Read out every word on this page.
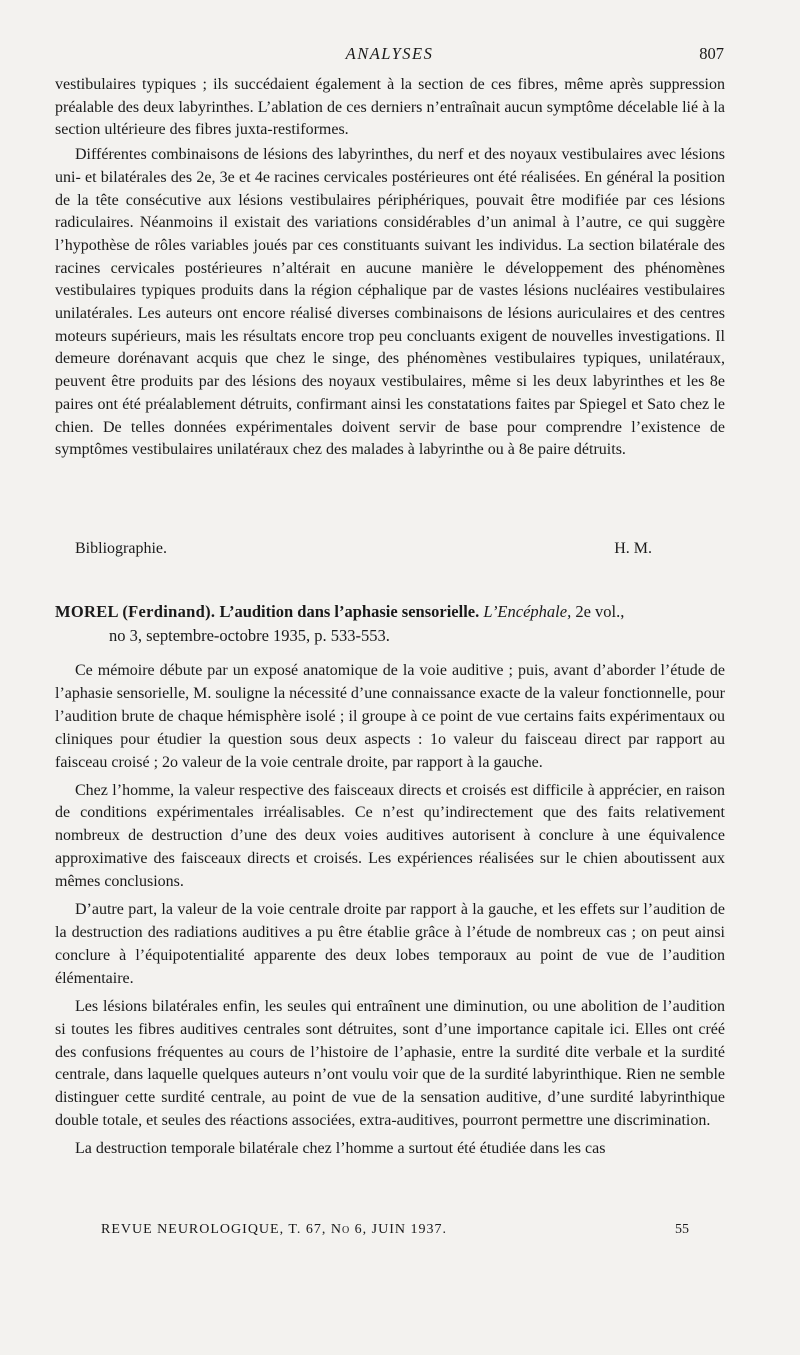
ANALYSES	807

vestibulaires typiques ; ils succédaient également à la section de ces fibres, même après suppression préalable des deux labyrinthes. L’ablation de ces derniers n’entraînait aucun symptôme décelable lié à la section ultérieure des fibres juxta-restiformes.

Différentes combinaisons de lésions des labyrinthes, du nerf et des noyaux vestibulaires avec lésions uni- et bilatérales des 2e, 3e et 4e racines cervicales postérieures ont été réalisées. En général la position de la tête consécutive aux lésions vestibulaires périphériques, pouvait être modifiée par ces lésions radiculaires. Néanmoins il existait des variations considérables d’un animal à l’autre, ce qui suggère l’hypothèse de rôles variables joués par ces constituants suivant les individus. La section bilatérale des racines cervicales postérieures n’altérait en aucune manière le développement des phénomènes vestibulaires typiques produits dans la région céphalique par de vastes lésions nucléaires vestibulaires unilatérales. Les auteurs ont encore réalisé diverses combinaisons de lésions auriculaires et des centres moteurs supérieurs, mais les résultats encore trop peu concluants exigent de nouvelles investigations. Il demeure dorénavant acquis que chez le singe, des phénomènes vestibulaires typiques, unilatéraux, peuvent être produits par des lésions des noyaux vestibulaires, même si les deux labyrinthes et les 8e paires ont été préalablement détruits, confirmant ainsi les constatations faites par Spiegel et Sato chez le chien. De telles données expérimentales doivent servir de base pour comprendre l’existence de symptômes vestibulaires unilatéraux chez des malades à labyrinthe ou à 8e paire détruits.

Bibliographie.	H. M.
MOREL (Ferdinand). L’audition dans l’aphasie sensorielle. L’Encéphale, 2e vol.,
no 3, septembre-octobre 1935, p. 533-553.

Ce mémoire débute par un exposé anatomique de la voie auditive ; puis, avant d’aborder l’étude de l’aphasie sensorielle, M. souligne la nécessité d’une connaissance exacte de la valeur fonctionnelle, pour l’audition brute de chaque hémisphère isolé ; il groupe à ce point de vue certains faits expérimentaux ou cliniques pour étudier la question sous deux aspects : 1o valeur du faisceau direct par rapport au faisceau croisé ; 2o valeur de la voie centrale droite, par rapport à la gauche.

Chez l’homme, la valeur respective des faisceaux directs et croisés est difficile à apprécier, en raison de conditions expérimentales irréalisables. Ce n’est qu’indirectement que des faits relativement nombreux de destruction d’une des deux voies auditives autorisent à conclure à une équivalence approximative des faisceaux directs et croisés. Les expériences réalisées sur le chien aboutissent aux mêmes conclusions.

D’autre part, la valeur de la voie centrale droite par rapport à la gauche, et les effets sur l’audition de la destruction des radiations auditives a pu être établie grâce à l’étude de nombreux cas ; on peut ainsi conclure à l’équipotentialité apparente des deux lobes temporaux au point de vue de l’audition élémentaire.

Les lésions bilatérales enfin, les seules qui entraînent une diminution, ou une abolition de l’audition si toutes les fibres auditives centrales sont détruites, sont d’une importance capitale ici. Elles ont créé des confusions fréquentes au cours de l’histoire de l’aphasie, entre la surdité dite verbale et la surdité centrale, dans laquelle quelques auteurs n’ont voulu voir que de la surdité labyrinthique. Rien ne semble distinguer cette surdité centrale, au point de vue de la sensation auditive, d’une surdité labyrinthique double totale, et seules des réactions associées, extra-auditives, pourront permettre une discrimination.

La destruction temporale bilatérale chez l’homme a surtout été étudiée dans les cas

REVUE NEUROLOGIQUE, T. 67, No 6, JUIN 1937.	55
